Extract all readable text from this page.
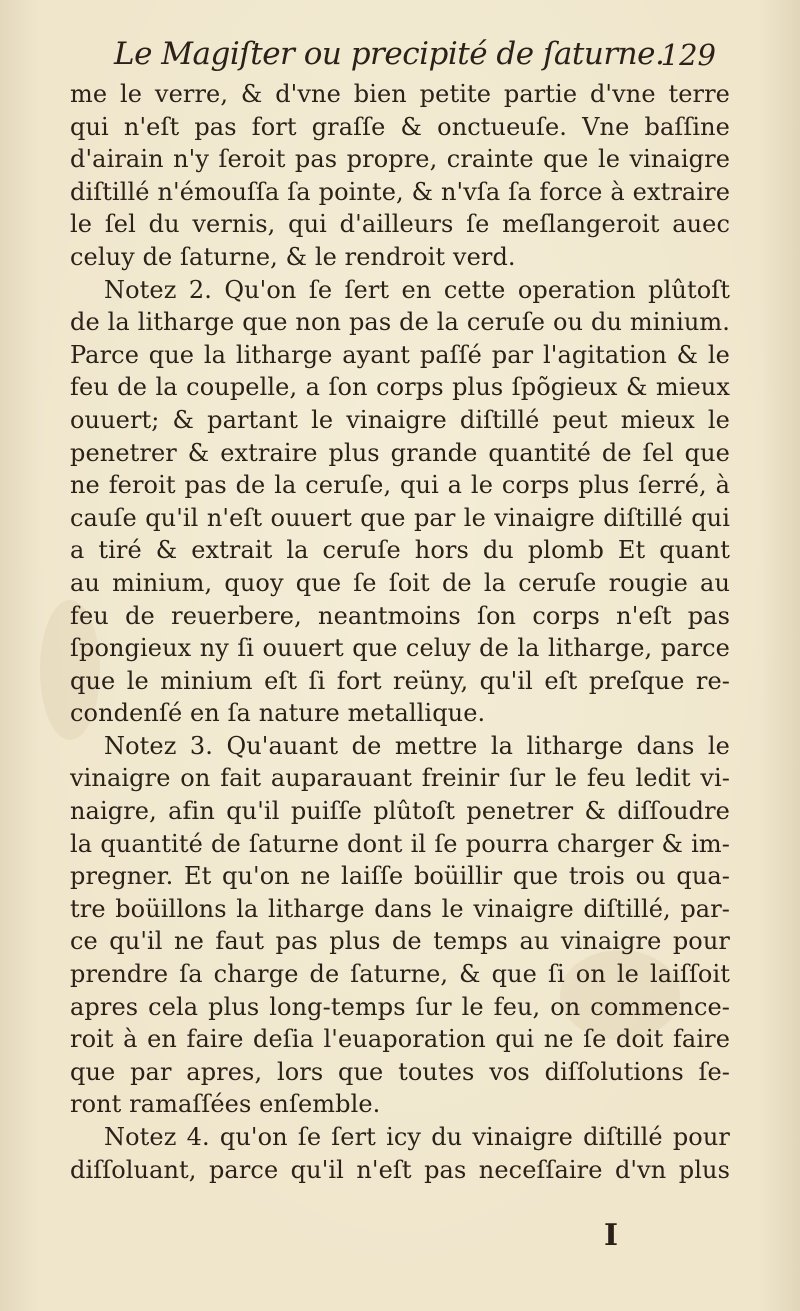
Le Magiſter ou precipité de ſaturne.
129
me le verre, & d'vne bien petite partie d'vne terre
qui n'eſt pas fort graſſe & onctueuſe. Vne baſſine
d'airain n'y ſeroit pas propre, crainte que le vinaigre
diſtillé n'émouſſa ſa pointe, & n'vſa ſa force à extraire
le ſel du vernis, qui d'ailleurs ſe meſlangeroit auec
celuy de ſaturne, & le rendroit verd.
Notez 2. Qu'on ſe ſert en cette operation plûtoſt
de la litharge que non pas de la ceruſe ou du minium.
Parce que la litharge ayant paſſé par l'agitation & le
feu de la coupelle, a ſon corps plus ſpõgieux & mieux
ouuert; & partant le vinaigre diſtillé peut mieux le
penetrer & extraire plus grande quantité de ſel que
ne feroit pas de la ceruſe, qui a le corps plus ſerré, à
cauſe qu'il n'eſt ouuert que par le vinaigre diſtillé qui
a tiré & extrait la ceruſe hors du plomb Et quant
au minium, quoy que ſe ſoit de la ceruſe rougie au
feu de reuerbere, neantmoins ſon corps n'eſt pas
ſpongieux ny ſi ouuert que celuy de la litharge, parce
que le minium eſt ſi fort reüny, qu'il eſt preſque re-
condenſé en ſa nature metallique.
Notez 3. Qu'auant de mettre la litharge dans le
vinaigre on fait auparauant freinir ſur le feu ledit vi-
naigre, afin qu'il puiſſe plûtoſt penetrer & diſſoudre
la quantité de ſaturne dont il ſe pourra charger & im-
pregner. Et qu'on ne laiſſe boüillir que trois ou qua-
tre boüillons la litharge dans le vinaigre diſtillé, par-
ce qu'il ne faut pas plus de temps au vinaigre pour
prendre ſa charge de ſaturne, & que ſi on le laiſſoit
apres cela plus long-temps ſur le feu, on commence-
roit à en faire deſia l'euaporation qui ne ſe doit faire
que par apres, lors que toutes vos diſſolutions ſe-
ront ramaſſées enſemble.
Notez 4. qu'on ſe ſert icy du vinaigre diſtillé pour
diſſoluant, parce qu'il n'eſt pas neceſſaire d'vn plus
I
